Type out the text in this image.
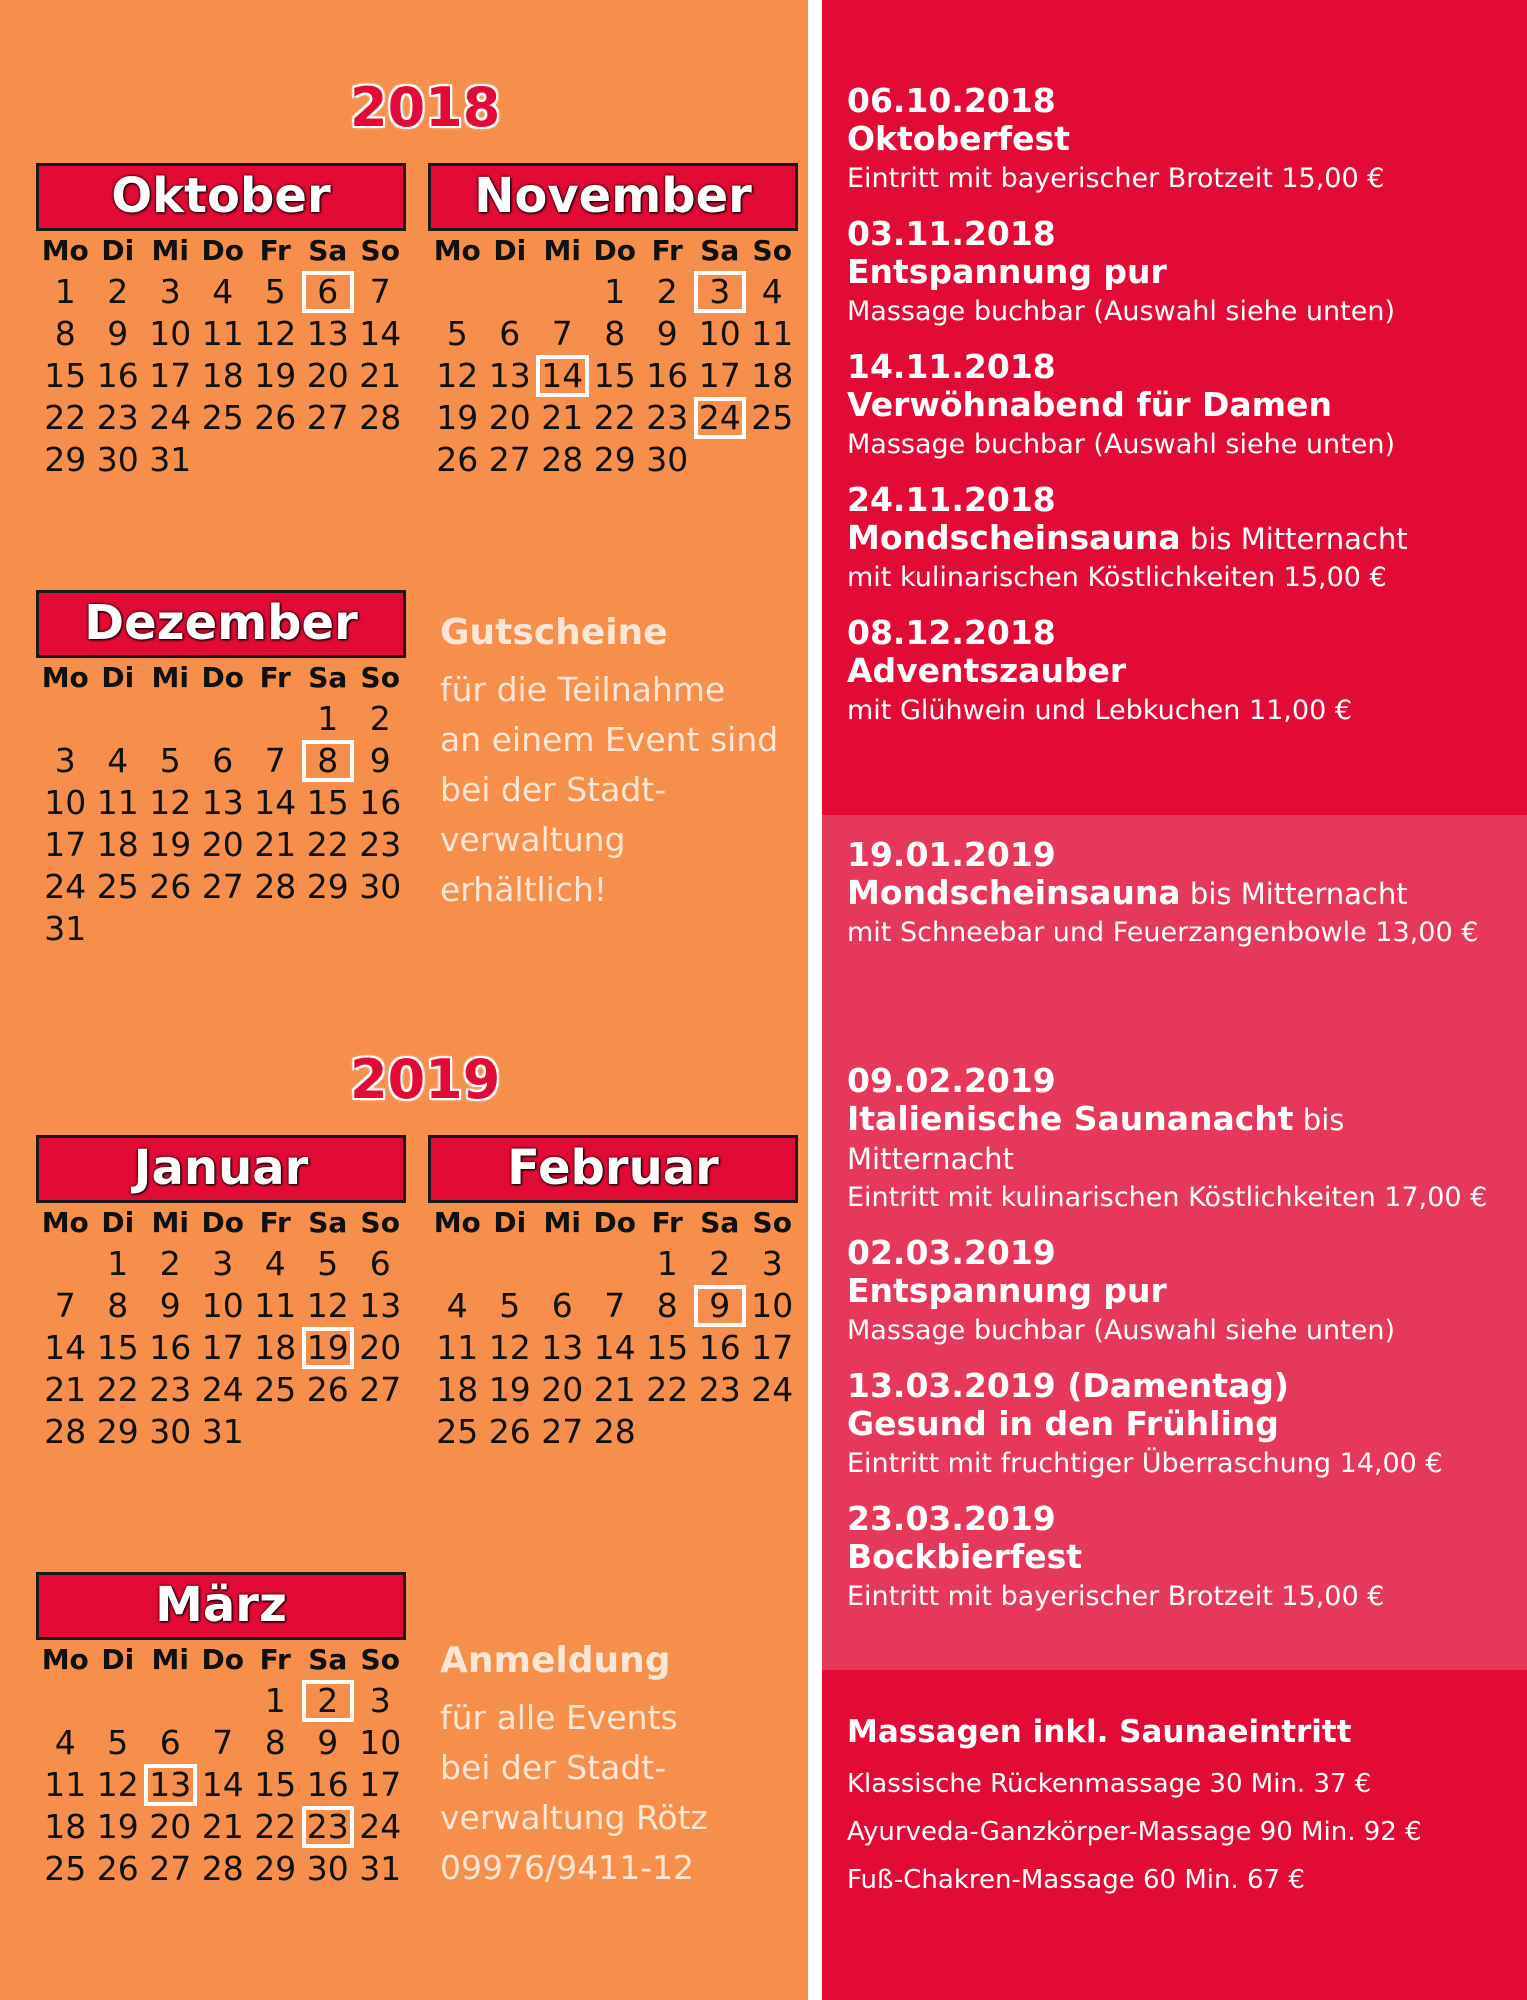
2018
2019
Oktober
Mo Di Mi Do Fr Sa So
1 2 3 4 5 6 7
8 9 10 11 12 13 14
15 16 17 18 19 20 21
22 23 24 25 26 27 28
29 30 31
November
Mo Di Mi Do Fr Sa So
1 2 3 4
5 6 7 8 9 10 11
12 13 14 15 16 17 18
19 20 21 22 23 24 25
26 27 28 29 30
Dezember
Mo Di Mi Do Fr Sa So
1 2
3 4 5 6 7 8 9
10 11 12 13 14 15 16
17 18 19 20 21 22 23
24 25 26 27 28 29 30
31
Januar
Mo Di Mi Do Fr Sa So
1 2 3 4 5 6
7 8 9 10 11 12 13
14 15 16 17 18 19 20
21 22 23 24 25 26 27
28 29 30 31
Februar
Mo Di Mi Do Fr Sa So
1 2 3
4 5 6 7 8 9 10
11 12 13 14 15 16 17
18 19 20 21 22 23 24
25 26 27 28
März
Mo Di Mi Do Fr Sa So
1 2 3
4 5 6 7 8 9 10
11 12 13 14 15 16 17
18 19 20 21 22 23 24
25 26 27 28 29 30 31
Gutscheine
für die Teilnahme
an einem Event sind
bei der Stadt-
verwaltung
erhältlich!
Anmeldung
für alle Events
bei der Stadt-
verwaltung Rötz
09976/9411-12
06.10.2018
Oktoberfest
Eintritt mit bayerischer Brotzeit 15,00 €
03.11.2018
Entspannung pur
Massage buchbar (Auswahl siehe unten)
14.11.2018
Verwöhnabend für Damen
Massage buchbar (Auswahl siehe unten)
24.11.2018
Mondscheinsauna bis Mitternacht
mit kulinarischen Köstlichkeiten 15,00 €
08.12.2018
Adventszauber
mit Glühwein und Lebkuchen 11,00 €
19.01.2019
Mondscheinsauna bis Mitternacht
mit Schneebar und Feuerzangenbowle 13,00 €
09.02.2019
Italienische Saunanacht bis Mitternacht
Eintritt mit kulinarischen Köstlichkeiten 17,00 €
02.03.2019
Entspannung pur
Massage buchbar (Auswahl siehe unten)
13.03.2019 (Damentag)
Gesund in den Frühling
Eintritt mit fruchtiger Überraschung 14,00 €
23.03.2019
Bockbierfest
Eintritt mit bayerischer Brotzeit 15,00 €
Massagen inkl. Saunaeintritt
Klassische Rückenmassage 30 Min. 37 €
Ayurveda-Ganzkörper-Massage 90 Min. 92 €
Fuß-Chakren-Massage 60 Min. 67 €
